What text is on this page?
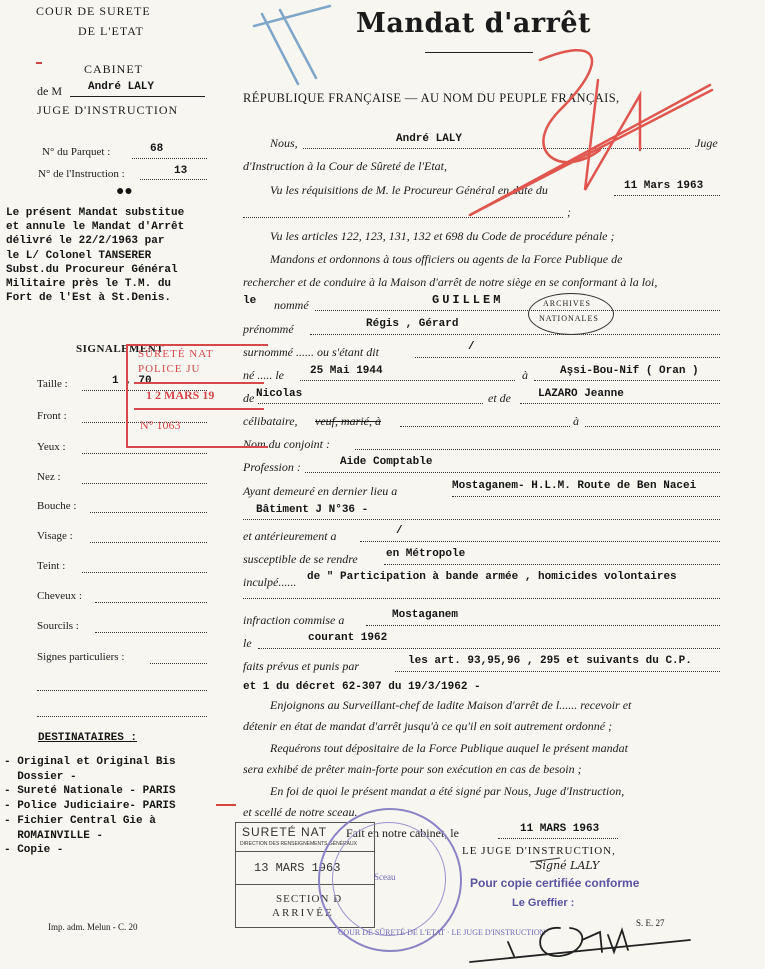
COUR DE SURETE
DE L'ETAT
CABINET
de M André LALY
JUGE D'INSTRUCTION
Mandat d'arrêt
RÉPUBLIQUE FRANÇAISE — AU NOM DU PEUPLE FRANÇAIS,
N° du Parquet :	68
N° de l'Instruction :	13
●●
Le présent Mandat substitue
et annule le Mandat d'Arrêt
délivré le 22/2/1963 par
le L/ Colonel TANSERER
Subst.du Procureur Général
Militaire près le T.M. du
Fort de l'Est à St.Denis.
SIGNALEMENT
Taille :	1 , 70
Front :
Yeux :
Nez :
Bouche :
Visage :
Teint :
Cheveux :
Sourcils :
Signes particuliers :
DESTINATAIRES :
- Original et Original Bis
Dossier -
- Sureté Nationale - PARIS
- Police Judiciaire- PARIS
- Fichier Central Gie à
ROMAINVILLE -
- Copie -
Imp. adm. Melun - C. 20
Nous,	André LALY	Juge
d'Instruction à la Cour de Sûreté de l'Etat,
Vu les réquisitions de M. le Procureur Général en date du	11 Mars 1963
;
Vu les articles 122, 123, 131, 132 et 698 du Code de procédure pénale ;
Mandons et ordonnons à tous officiers ou agents de la Force Publique de
rechercher et de conduire à la Maison d'arrêt de notre siège en se conformant à la loi,
le nommé	GUILLEM
prénommé	Régis , Gérard
surnommé ...... ou s'étant dit	/
né ..... le 25 Mai 1944	à	Aşsi-Bou-Nif ( Oran )
de Nicolas	et de LAZARO Jeanne
célibataire, veuf, marié, à	à
Nom du conjoint :
Profession :	Aide Comptable
Ayant demeuré en dernier lieu a	Mostaganem- H.L.M. Route de Ben Nacei
Bâtiment J N°36 -
et antérieurement a	/
susceptible de se rendre	en Métropole
inculpé...... de " Participation à bande armée , homicides volontaires
infraction commise a	Mostaganem
le	courant 1962
faits prévus et punis par	les art. 93,95,96 , 295 et suivants du C.P.
et 1 du décret 62-307 du 19/3/1962 -
Enjoignons au Surveillant-chef de ladite Maison d'arrêt de l...... recevoir et
détenir en état de mandat d'arrêt jusqu'à ce qu'il en soit autrement ordonné ;
Requérons tout dépositaire de la Force Publique auquel le présent mandat
sera exhibé de prêter main-forte pour son exécution en cas de besoin ;
En foi de quoi le présent mandat a été signé par Nous, Juge d'Instruction,
et scellé de notre sceau.
Fait en notre cabinet, le	11 MARS 1963
LE JUGE D'INSTRUCTION,
Signé LALY
S. E. 27
SÛRETÉ NAT
POLICE JU
1 2 MARS 19
N° 1063
ARCHIVES
NATIONALES
SURETÉ NAT
DIRECTION DES RENSEIGNEMENTS GÉNÉRAUX
13 MARS 1963
SECTION D
ARRIVÉE
Sceau
COUR DE SÛRETÉ DE L'ETAT · LE JUGE D'INSTRUCTION
Pour copie certifiée conforme
Le Greffier :
